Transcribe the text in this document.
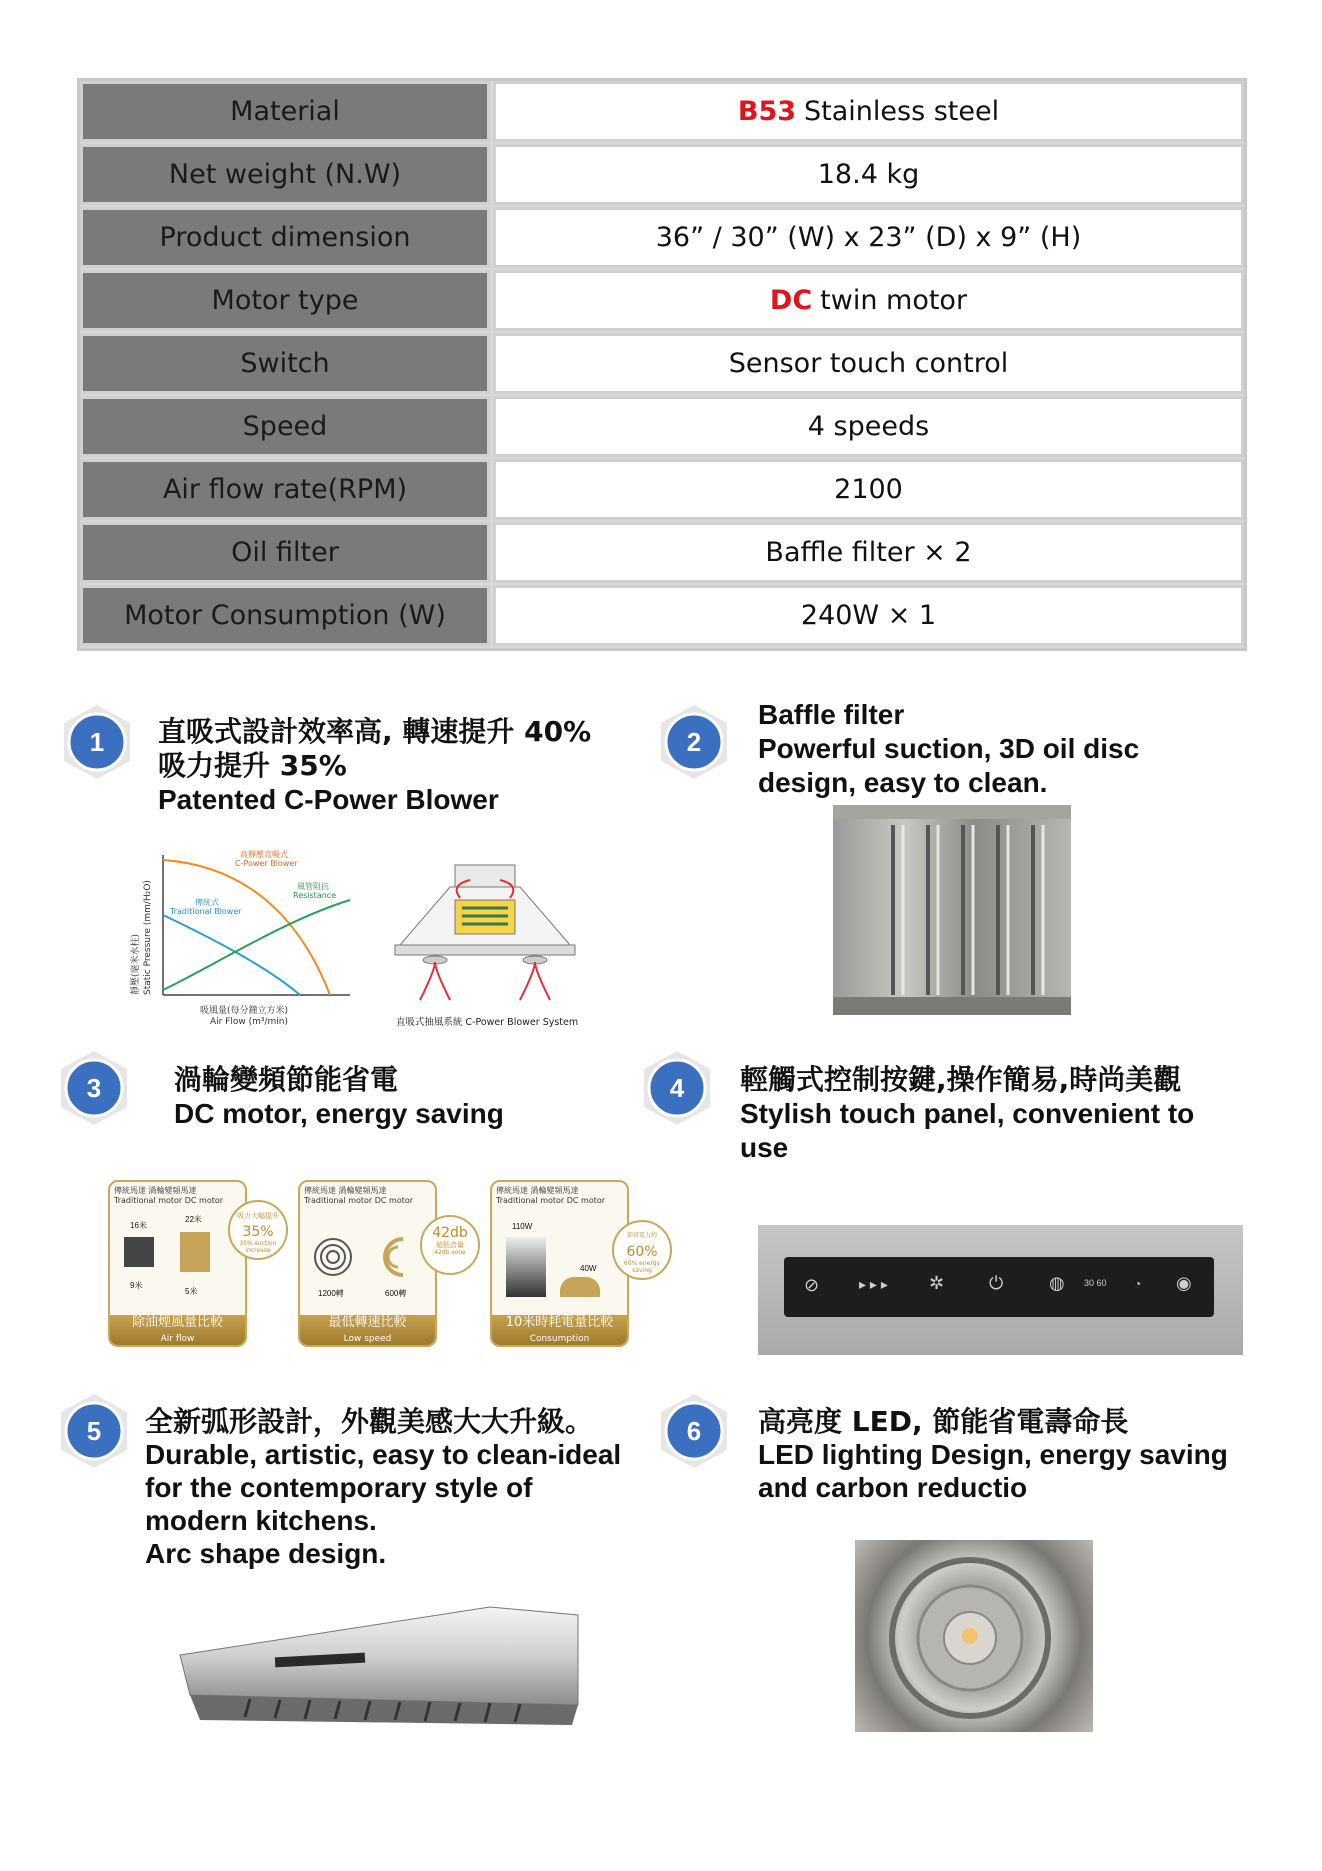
Material	B53 Stainless steel
Net weight (N.W)	18.4 kg
Product dimension	36” / 30” (W) x 23” (D) x 9” (H)
Motor type	DC twin motor
Switch	Sensor touch control
Speed	4 speeds
Air flow rate(RPM)	2100
Oil filter	Baffle filter × 2
Motor Consumption (W)	240W × 1
1 直吸式設計效率高, 轉速提升 40%
吸力提升 35%
Patented C-Power Blower
高靜壓直吸式
C-Power Blower
風管阻抗
Resistance
傳統式
Traditional Blower
吸風量(每分鐘立方米)
Air Flow (m³/min)
靜壓(毫米水柱) Static Pressure (mm/H₂O)
直吸式抽風系統 C-Power Blower System
2
Baffle filter
Powerful suction, 3D oil disc
design, easy to clean.
3	渦輪變頻節能省電
DC motor, energy saving
傳統馬達 渦輪變頻馬達
Traditional motor DC motor
16米
9米
5米
22米
除油煙風量比較
Air flow
吸力大幅提升
35%
35% suction increase
傳統馬達 渦輪變頻馬達
Traditional motor DC motor
1200轉	600轉
最低轉速比較
Low speed
42db
超低音量
42db sone
傳統馬達 渦輪變頻馬達
Traditional motor DC motor
110W
40W
10米時耗電量比較
Consumption
節省電力約
60%
60% energy saving
4 輕觸式控制按鍵,操作簡易,時尚美觀
Stylish touch panel, convenient to
use
⊘	▸ ▸ ▸ ✲ ⏻	◍ 30 60 ◔ ◉
5 全新弧形設計，外觀美感大大升級。
Durable, artistic, easy to clean-ideal
for the contemporary style of
modern kitchens.
Arc shape design.
6 高亮度 LED, 節能省電壽命長
LED lighting Design, energy saving
and carbon reductio
